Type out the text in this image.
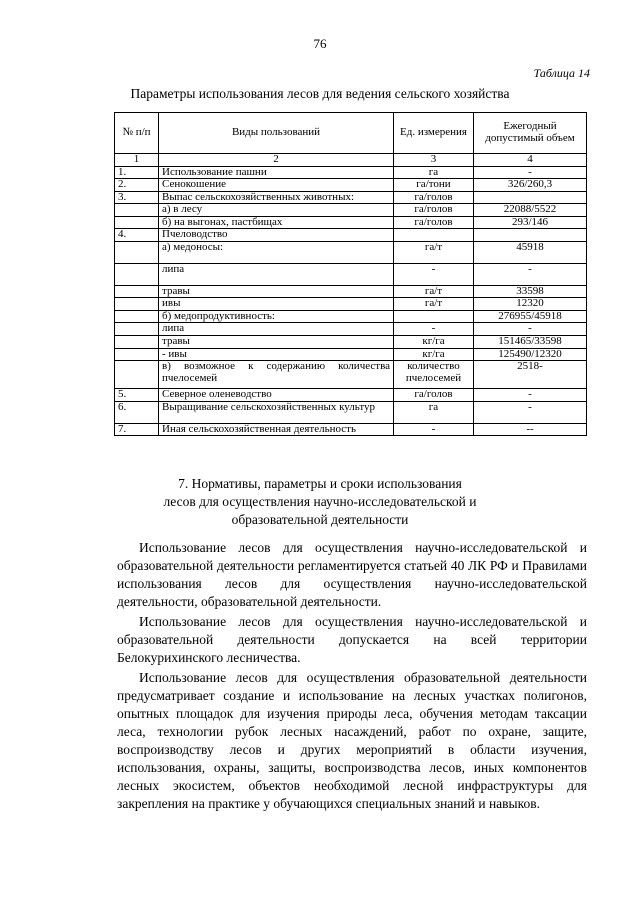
76
Таблица 14
Параметры использования лесов для ведения сельского хозяйства
№ п/п	Виды пользований	Ед. измерения	Ежегодный допустимый объем
1	2	3	4
1.	Использование пашни	га	-
2.	Сенокошение	га/тони	326/260,3
3.	Выпас сельскохозяйственных животных:	га/голов	
	а) в лесу	га/голов	22088/5522
	б) на выгонах, пастбищах	га/голов	293/146
4.	Пчеловодство		
	а) медоносы:	га/т	45918
	липа	-	-
	травы	га/т	33598
	ивы	га/т	12320
	б) медопродуктивность:		276955/45918
	липа	-	-
	травы	кг/га	151465/33598
	- ивы	кг/га	125490/12320
	в) возможное к содержанию количества пчелосемей	количество пчелосемей	2518-
5.	Северное оленеводство	га/голов	-
6.	Выращивание сельскохозяйственных культур	га	-
7.	Иная сельскохозяйственная деятельность	-	--
7. Нормативы, параметры и сроки использования
лесов для осуществления научно-исследовательской и
образовательной деятельности

Использование лесов для осуществления научно-исследовательской и образовательной деятельности регламентируется статьей 40 ЛК РФ и Правилами использования лесов для осуществления научно-исследовательской деятельности, образовательной деятельности.

Использование лесов для осуществления научно-исследовательской и образовательной деятельности допускается на всей территории Белокурихинского лесничества.

Использование лесов для осуществления образовательной деятельности предусматривает создание и использование на лесных участках полигонов, опытных площадок для изучения природы леса, обучения методам таксации леса, технологии рубок лесных насаждений, работ по охране, защите, воспроизводству лесов и других мероприятий в области изучения, использования, охраны, защиты, воспроизводства лесов, иных компонентов лесных экосистем, объектов необходимой лесной инфраструктуры для закрепления на практике у обучающихся специальных знаний и навыков.
